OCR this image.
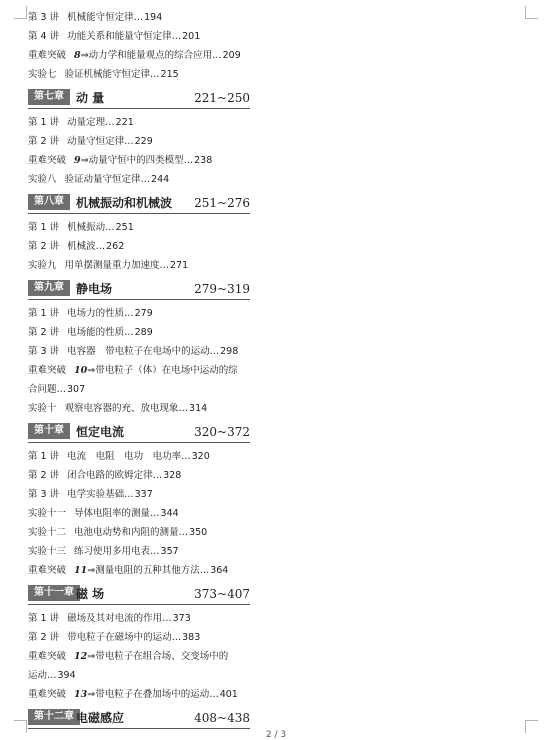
第 3 讲 机械能守恒定律… 194
第 4 讲 功能关系和能量守恒定律… 201
重难突破 8⇒动力学和能量观点的综合应用… 209
实验七 验证机械能守恒定律… 215
第七章	动 量	221~250
第 1 讲 动量定理… 221
第 2 讲 动量守恒定律… 229
重难突破 9⇒动量守恒中的四类模型… 238
实验八 验证动量守恒定律… 244
第八章	机械振动和机械波 251~276
第 1 讲 机械振动… 251
第 2 讲 机械波… 262
实验九 用单摆测量重力加速度… 271
第九章	静电场	279~319
第 1 讲 电场力的性质… 279
第 2 讲 电场能的性质… 289
第 3 讲 电容器　带电粒子在电场中的运动… 298
重难突破 10⇒带电粒子（体）在电场中运动的综
合问题… 307
实验十 观察电容器的充、放电现象… 314
第十章	恒定电流	320~372
第 1 讲 电流　电阻　电功　电功率… 320
第 2 讲 闭合电路的欧姆定律… 328
第 3 讲 电学实验基础… 337
实验十一 导体电阻率的测量… 344
实验十二 电池电动势和内阻的测量… 350
实验十三 练习使用多用电表… 357
重难突破 11⇒测量电阻的五种其他方法… 364
第十一章 磁 场	373~407
第 1 讲 磁场及其对电流的作用… 373
第 2 讲 带电粒子在磁场中的运动… 383
重难突破 12⇒带电粒子在组合场、交变场中的
运动… 394
重难突破 13⇒带电粒子在叠加场中的运动… 401
第十二章 电磁感应	408~438
2 / 3
